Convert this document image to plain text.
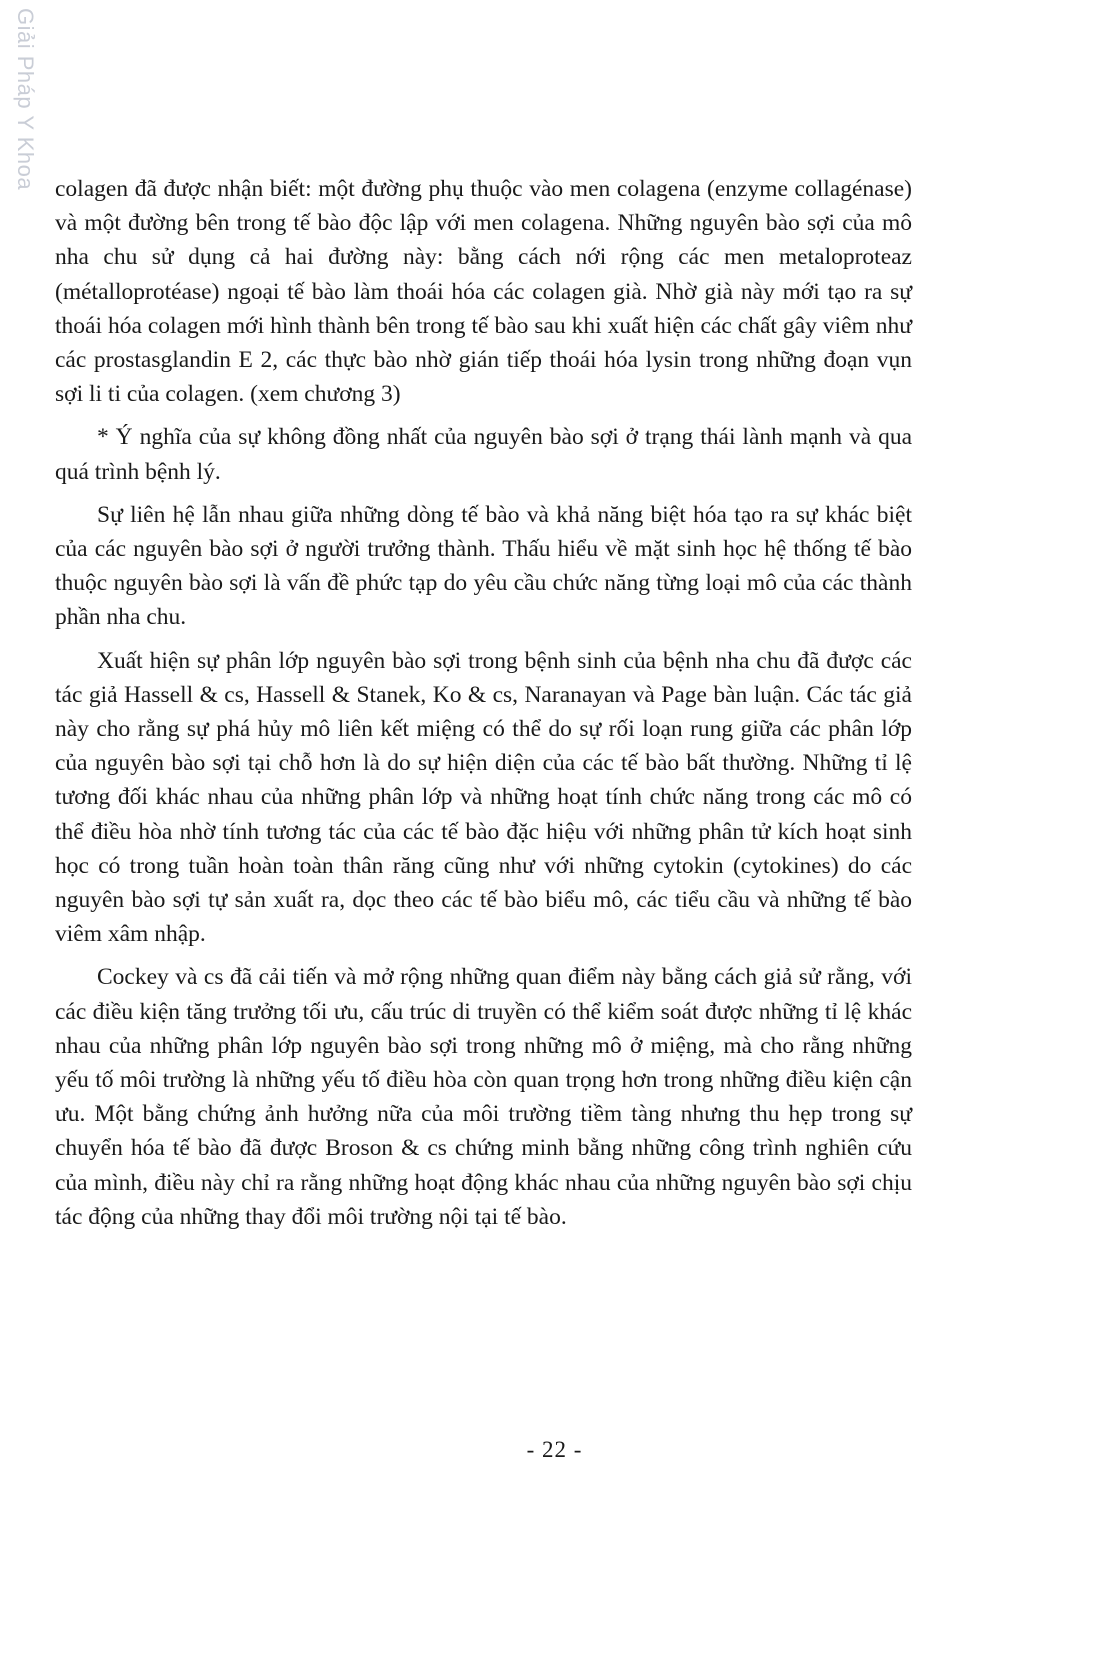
Giải Pháp Y Khoa colagen đã được nhận biết: một đường phụ thuộc vào men colagena (enzyme collagénase) và một đường bên trong tế bào độc lập với men colagena. Những nguyên bào sợi của mô nha chu sử dụng cả hai đường này: bằng cách nới rộng các men metaloproteaz (métalloprotéase) ngoại tế bào làm thoái hóa các colagen già. Nhờ già này mới tạo ra sự thoái hóa colagen mới hình thành bên trong tế bào sau khi xuất hiện các chất gây viêm như các prostasglandin E 2, các thực bào nhờ gián tiếp thoái hóa lysin trong những đoạn vụn sợi li ti của colagen. (xem chương 3)

* Ý nghĩa của sự không đồng nhất của nguyên bào sợi ở trạng thái lành mạnh và qua quá trình bệnh lý.

Sự liên hệ lẫn nhau giữa những dòng tế bào và khả năng biệt hóa tạo ra sự khác biệt của các nguyên bào sợi ở người trưởng thành. Thấu hiểu về mặt sinh học hệ thống tế bào thuộc nguyên bào sợi là vấn đề phức tạp do yêu cầu chức năng từng loại mô của các thành phần nha chu.

Xuất hiện sự phân lớp nguyên bào sợi trong bệnh sinh của bệnh nha chu đã được các tác giả Hassell & cs, Hassell & Stanek, Ko & cs, Naranayan và Page bàn luận. Các tác giả này cho rằng sự phá hủy mô liên kết miệng có thể do sự rối loạn rung giữa các phân lớp của nguyên bào sợi tại chỗ hơn là do sự hiện diện của các tế bào bất thường. Những tỉ lệ tương đối khác nhau của những phân lớp và những hoạt tính chức năng trong các mô có thể điều hòa nhờ tính tương tác của các tế bào đặc hiệu với những phân tử kích hoạt sinh học có trong tuần hoàn toàn thân răng cũng như với những cytokin (cytokines) do các nguyên bào sợi tự sản xuất ra, dọc theo các tế bào biểu mô, các tiểu cầu và những tế bào viêm xâm nhập.

Cockey và cs đã cải tiến và mở rộng những quan điểm này bằng cách giả sử rằng, với các điều kiện tăng trưởng tối ưu, cấu trúc di truyền có thể kiểm soát được những tỉ lệ khác nhau của những phân lớp nguyên bào sợi trong những mô ở miệng, mà cho rằng những yếu tố môi trường là những yếu tố điều hòa còn quan trọng hơn trong những điều kiện cận ưu. Một bằng chứng ảnh hưởng nữa của môi trường tiềm tàng nhưng thu hẹp trong sự chuyển hóa tế bào đã được Broson & cs chứng minh bằng những công trình nghiên cứu của mình, điều này chỉ ra rằng những hoạt động khác nhau của những nguyên bào sợi chịu tác động của những thay đổi môi trường nội tại tế bào.

- 22 -
